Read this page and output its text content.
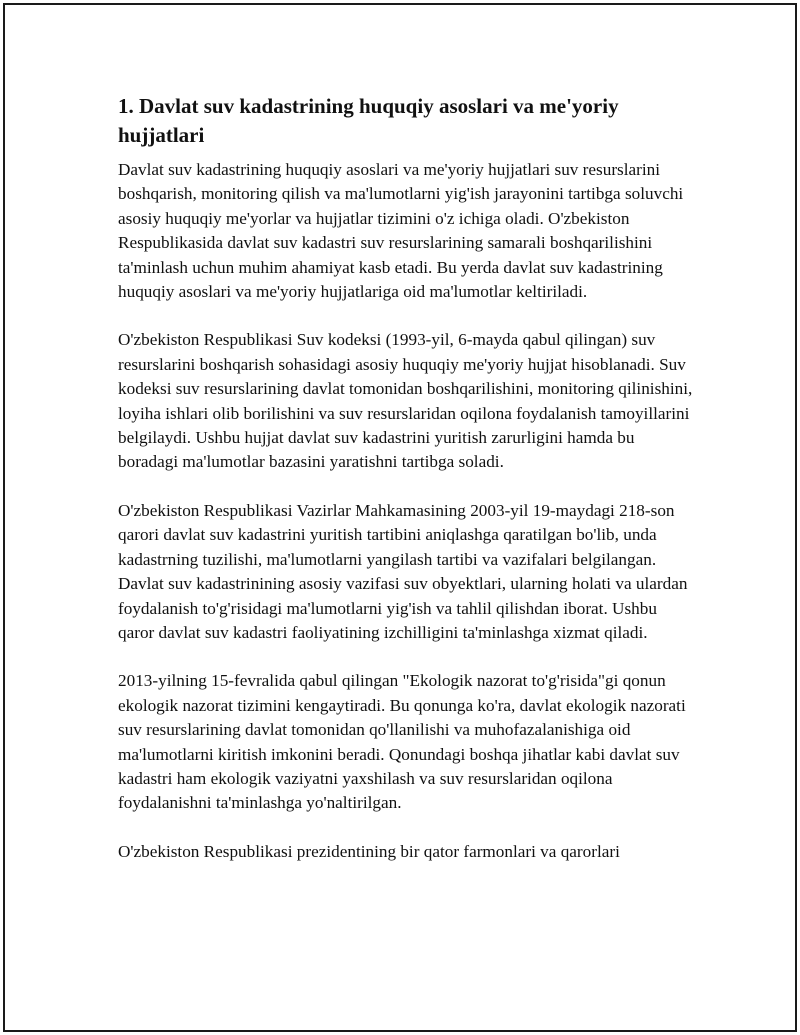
1. Davlat suv kadastrining huquqiy asoslari va me'yoriy hujjatlari

Davlat suv kadastrining huquqiy asoslari va me'yoriy hujjatlari suv resurslarini boshqarish, monitoring qilish va ma'lumotlarni yig'ish jarayonini tartibga soluvchi asosiy huquqiy me'yorlar va hujjatlar tizimini o'z ichiga oladi. O'zbekiston Respublikasida davlat suv kadastri suv resurslarining samarali boshqarilishini ta'minlash uchun muhim ahamiyat kasb etadi. Bu yerda davlat suv kadastrining huquqiy asoslari va me'yoriy hujjatlariga oid ma'lumotlar keltiriladi.

O'zbekiston Respublikasi Suv kodeksi (1993-yil, 6-mayda qabul qilingan) suv resurslarini boshqarish sohasidagi asosiy huquqiy me'yoriy hujjat hisoblanadi. Suv kodeksi suv resurslarining davlat tomonidan boshqarilishini, monitoring qilinishini, loyiha ishlari olib borilishini va suv resurslaridan oqilona foydalanish tamoyillarini belgilaydi. Ushbu hujjat davlat suv kadastrini yuritish zarurligini hamda bu boradagi ma'lumotlar bazasini yaratishni tartibga soladi.

O'zbekiston Respublikasi Vazirlar Mahkamasining 2003-yil 19-maydagi 218-son qarori davlat suv kadastrini yuritish tartibini aniqlashga qaratilgan bo'lib, unda kadastrning tuzilishi, ma'lumotlarni yangilash tartibi va vazifalari belgilangan. Davlat suv kadastrinining asosiy vazifasi suv obyektlari, ularning holati va ulardan foydalanish to'g'risidagi ma'lumotlarni yig'ish va tahlil qilishdan iborat. Ushbu qaror davlat suv kadastri faoliyatining izchilligini ta'minlashga xizmat qiladi.

2013-yilning 15-fevralida qabul qilingan "Ekologik nazorat to'g'risida"gi qonun ekologik nazorat tizimini kengaytiradi. Bu qonunga ko'ra, davlat ekologik nazorati suv resurslarining davlat tomonidan qo'llanilishi va muhofazalanishiga oid ma'lumotlarni kiritish imkonini beradi. Qonundagi boshqa jihatlar kabi davlat suv kadastri ham ekologik vaziyatni yaxshilash va suv resurslaridan oqilona foydalanishni ta'minlashga yo'naltirilgan.

O'zbekiston Respublikasi prezidentining bir qator farmonlari va qarorlari
